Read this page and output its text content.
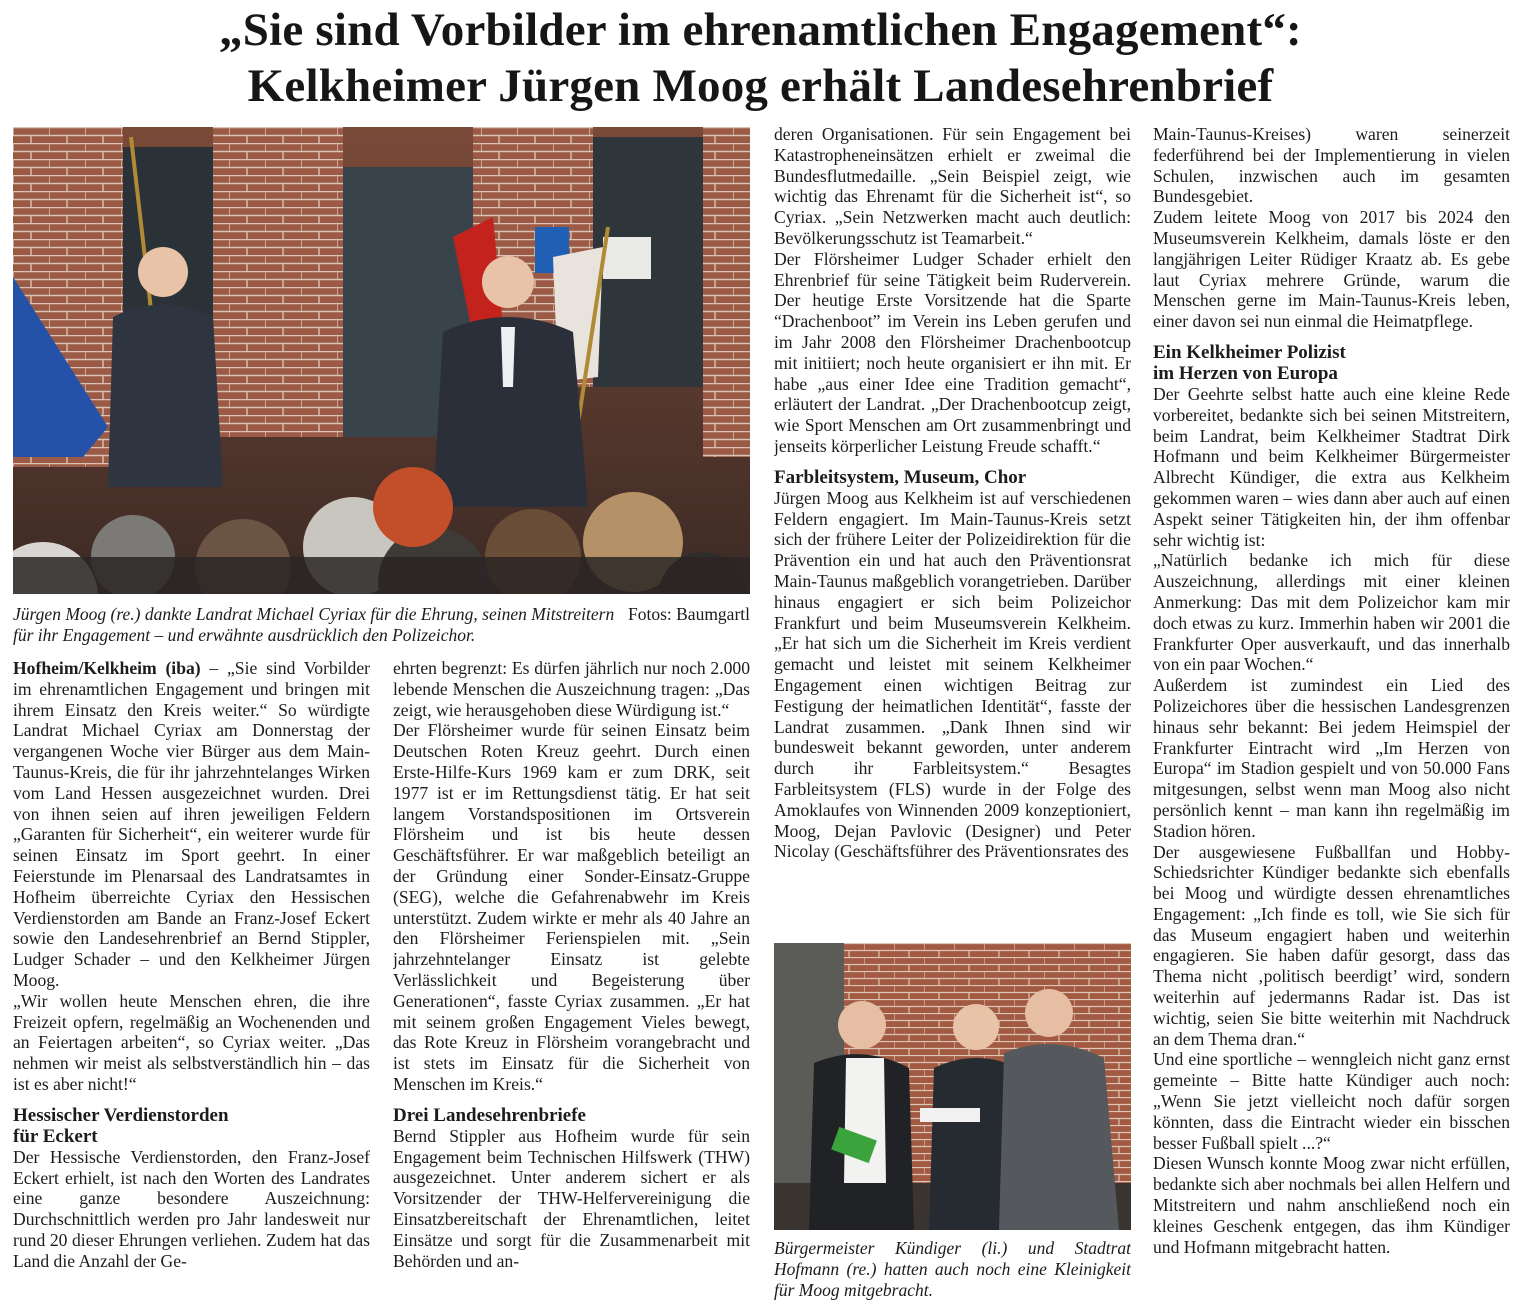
„Sie sind Vorbilder im ehrenamtlichen Engagement“:
Kelkheimer Jürgen Moog erhält Landesehrenbrief
Fotos: Baumgartl
Jürgen Moog (re.) dankte Landrat Michael Cyriax für die Ehrung, seinen Mitstreitern für ihr Engagement – und erwähnte ausdrücklich den Polizeichor.

Hofheim/Kelkheim (iba) – „Sie sind Vorbilder im ehrenamtlichen Engagement und bringen mit ihrem Einsatz den Kreis weiter.“ So würdigte Landrat Michael Cyriax am Donnerstag der vergangenen Woche vier Bürger aus dem Main-Taunus-Kreis, die für ihr jahrzehntelanges Wirken vom Land Hessen ausgezeichnet wurden. Drei von ihnen seien auf ihren jeweiligen Feldern „Garanten für Sicherheit“, ein weiterer wurde für seinen Einsatz im Sport geehrt. In einer Feierstunde im Plenarsaal des Landratsamtes in Hofheim überreichte Cyriax den Hessischen Verdienstorden am Bande an Franz-Josef Eckert sowie den Landesehrenbrief an Bernd Stippler, Ludger Schader – und den Kelkheimer Jürgen Moog.

„Wir wollen heute Menschen ehren, die ihre Freizeit opfern, regelmäßig an Wochenenden und an Feiertagen arbeiten“, so Cyriax weiter. „Das nehmen wir meist als selbstverständlich hin – das ist es aber nicht!“

Hessischer Verdienstorden
für Eckert

Der Hessische Verdienstorden, den Franz-Josef Eckert erhielt, ist nach den Worten des Landrates eine ganze besondere Auszeichnung: Durchschnittlich werden pro Jahr landesweit nur rund 20 dieser Ehrungen verliehen. Zudem hat das Land die Anzahl der Ge-

ehrten begrenzt: Es dürfen jährlich nur noch 2.000 lebende Menschen die Auszeichnung tragen: „Das zeigt, wie herausgehoben diese Würdigung ist.“

Der Flörsheimer wurde für seinen Einsatz beim Deutschen Roten Kreuz geehrt. Durch einen Erste-Hilfe-Kurs 1969 kam er zum DRK, seit 1977 ist er im Rettungsdienst tätig. Er hat seit langem Vorstandspositionen im Ortsverein Flörsheim und ist bis heute dessen Geschäftsführer. Er war maßgeblich beteiligt an der Gründung einer Sonder-Einsatz-Gruppe (SEG), welche die Gefahrenabwehr im Kreis unterstützt. Zudem wirkte er mehr als 40 Jahre an den Flörsheimer Ferienspielen mit. „Sein jahrzehntelanger Einsatz ist gelebte Verlässlichkeit und Begeisterung über Generationen“, fasste Cyriax zusammen. „Er hat mit seinem großen Engagement Vieles bewegt, das Rote Kreuz in Flörsheim vorangebracht und ist stets im Einsatz für die Sicherheit von Menschen im Kreis.“

Drei Landesehrenbriefe

Bernd Stippler aus Hofheim wurde für sein Engagement beim Technischen Hilfswerk (THW) ausgezeichnet. Unter anderem sichert er als Vorsitzender der THW-Helfervereinigung die Einsatzbereitschaft der Ehrenamtlichen, leitet Einsätze und sorgt für die Zusammenarbeit mit Behörden und an-

deren Organisationen. Für sein Engagement bei Katastropheneinsätzen erhielt er zweimal die Bundesflutmedaille. „Sein Beispiel zeigt, wie wichtig das Ehrenamt für die Sicherheit ist“, so Cyriax. „Sein Netzwerken macht auch deutlich: Bevölkerungsschutz ist Teamarbeit.“

Der Flörsheimer Ludger Schader erhielt den Ehrenbrief für seine Tätigkeit beim Ruderverein. Der heutige Erste Vorsitzende hat die Sparte “Drachenboot” im Verein ins Leben gerufen und im Jahr 2008 den Flörsheimer Drachenbootcup mit initiiert; noch heute organisiert er ihn mit. Er habe „aus einer Idee eine Tradition gemacht“, erläutert der Landrat. „Der Drachenbootcup zeigt, wie Sport Menschen am Ort zusammenbringt und jenseits körperlicher Leistung Freude schafft.“

Farbleitsystem, Museum, Chor

Jürgen Moog aus Kelkheim ist auf verschiedenen Feldern engagiert. Im Main-Taunus-Kreis setzt sich der frühere Leiter der Polizeidirektion für die Prävention ein und hat auch den Präventionsrat Main-Taunus maßgeblich vorangetrieben. Darüber hinaus engagiert er sich beim Polizeichor Frankfurt und beim Museumsverein Kelkheim. „Er hat sich um die Sicherheit im Kreis verdient gemacht und leistet mit seinem Kelkheimer Engagement einen wichtigen Beitrag zur Festigung der heimatlichen Identität“, fasste der Landrat zusammen. „Dank Ihnen sind wir bundesweit bekannt geworden, unter anderem durch ihr Farbleitsystem.“ Besagtes Farbleitsystem (FLS) wurde in der Folge des Amoklaufes von Winnenden 2009 konzeptioniert, Moog, Dejan Pavlovic (Designer) und Peter Nicolay (Geschäftsführer des Präventionsrates des

Bürgermeister Kündiger (li.) und Stadtrat Hofmann (re.) hatten auch noch eine Kleinigkeit für Moog mitgebracht.

Main-Taunus-Kreises) waren seinerzeit federführend bei der Implementierung in vielen Schulen, inzwischen auch im gesamten Bundesgebiet.

Zudem leitete Moog von 2017 bis 2024 den Museumsverein Kelkheim, damals löste er den langjährigen Leiter Rüdiger Kraatz ab. Es gebe laut Cyriax mehrere Gründe, warum die Menschen gerne im Main-Taunus-Kreis leben, einer davon sei nun einmal die Heimatpflege.

Ein Kelkheimer Polizist
im Herzen von Europa

Der Geehrte selbst hatte auch eine kleine Rede vorbereitet, bedankte sich bei seinen Mitstreitern, beim Landrat, beim Kelkheimer Stadtrat Dirk Hofmann und beim Kelkheimer Bürgermeister Albrecht Kündiger, die extra aus Kelkheim gekommen waren – wies dann aber auch auf einen Aspekt seiner Tätigkeiten hin, der ihm offenbar sehr wichtig ist:

„Natürlich bedanke ich mich für diese Auszeichnung, allerdings mit einer kleinen Anmerkung: Das mit dem Polizeichor kam mir doch etwas zu kurz. Immerhin haben wir 2001 die Frankfurter Oper ausverkauft, und das innerhalb von ein paar Wochen.“

Außerdem ist zumindest ein Lied des Polizeichores über die hessischen Landesgrenzen hinaus sehr bekannt: Bei jedem Heimspiel der Frankfurter Eintracht wird „Im Herzen von Europa“ im Stadion gespielt und von 50.000 Fans mitgesungen, selbst wenn man Moog also nicht persönlich kennt – man kann ihn regelmäßig im Stadion hören.

Der ausgewiesene Fußballfan und Hobby-Schiedsrichter Kündiger bedankte sich ebenfalls bei Moog und würdigte dessen ehrenamtliches Engagement: „Ich finde es toll, wie Sie sich für das Museum engagiert haben und weiterhin engagieren. Sie haben dafür gesorgt, dass das Thema nicht ‚politisch beerdigt’ wird, sondern weiterhin auf jedermanns Radar ist. Das ist wichtig, seien Sie bitte weiterhin mit Nachdruck an dem Thema dran.“

Und eine sportliche – wenngleich nicht ganz ernst gemeinte – Bitte hatte Kündiger auch noch: „Wenn Sie jetzt vielleicht noch dafür sorgen könnten, dass die Eintracht wieder ein bisschen besser Fußball spielt ...?“

Diesen Wunsch konnte Moog zwar nicht erfüllen, bedankte sich aber nochmals bei allen Helfern und Mitstreitern und nahm anschließend noch ein kleines Geschenk entgegen, das ihm Kündiger und Hofmann mitgebracht hatten.
